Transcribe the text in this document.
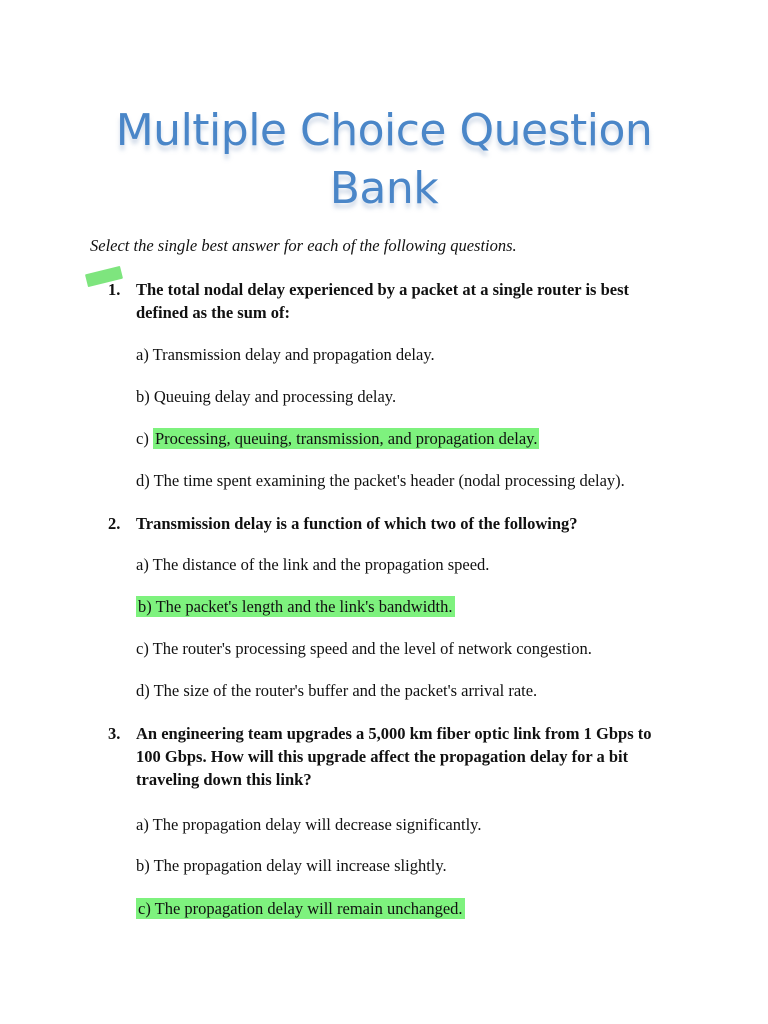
Multiple Choice Question
Bank
Select the single best answer for each of the following questions.
1. The total nodal delay experienced by a packet at a single router is best defined as the sum of:
a) Transmission delay and propagation delay.
b) Queuing delay and processing delay.
c) Processing, queuing, transmission, and propagation delay.
d) The time spent examining the packet's header (nodal processing delay).
2. Transmission delay is a function of which two of the following?
a) The distance of the link and the propagation speed.
b) The packet's length and the link's bandwidth.
c) The router's processing speed and the level of network congestion.
d) The size of the router's buffer and the packet's arrival rate.
3. An engineering team upgrades a 5,000 km fiber optic link from 1 Gbps to 100 Gbps. How will this upgrade affect the propagation delay for a bit traveling down this link?
a) The propagation delay will decrease significantly.
b) The propagation delay will increase slightly.
c) The propagation delay will remain unchanged.
